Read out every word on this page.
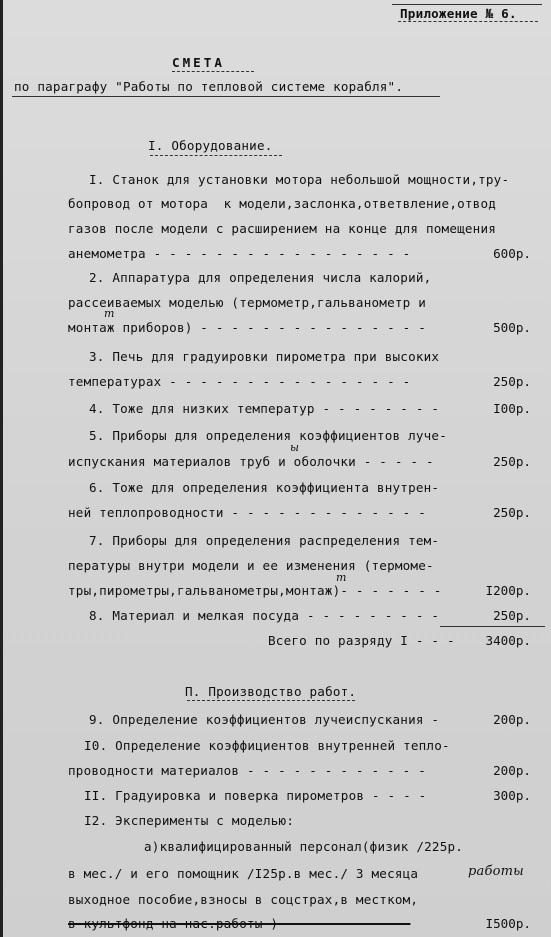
Приложение № 6.
СМЕТА
по параграфу "Работы по тепловой системе корабля".
I. Оборудование.
I. Станок для установки мотора небольшой мощности,тру-
бопровод от мотора  к модели,заслонка,ответвление,отвод
газов после модели с расширением на конце для помещения
анемометра - - - - - - - - - - - - - - - - -	600р.
2. Аппаратура для определения числа калорий,
рассеиваемых моделью (термометр,гальванометр и
т
монтаж приборов) - - - - - - - - - - - - - - -	500р.
3. Печь для градуировки пирометра при высоких
температурах - - - - - - - - - - - - - - - -	250р.
4. Тоже для низких температур - - - - - - - -	I00р.
5. Приборы для определения коэффициентов луче-
ы
испускания материалов труб и оболочки - - - - -	250р.
6. Тоже для определения коэффициента внутрен-
ней теплопроводности - - - - - - - - - - - - -	250р.
7. Приборы для определения распределения тем-
пературы внутри модели и ее изменения (термоме-
т
тры,пирометры,гальванометры,монтаж)- - - - - - -	I200р.
8. Материал и мелкая посуда - - - - - - - - -	250р.
Всего по разряду I - - - 3400р.
П. Производство работ.
9. Определение коэффициентов лучеиспускания -	200р.
I0. Определение коэффициентов внутренней тепло-
проводности материалов - - - - - - - - - - - -	200р.
II. Градуировка и поверка пирометров - - - -	300р.
I2. Эксперименты с моделью:
а)квалифицированный персонал(физик /225р.
в мес./ и его помощник /I25р.в мес./ 3 месяца	работы
выходное пособие,взносы в соцстрах,в местком,
в культфонд на нас.работы )- - - - - - - - -	I500р.
